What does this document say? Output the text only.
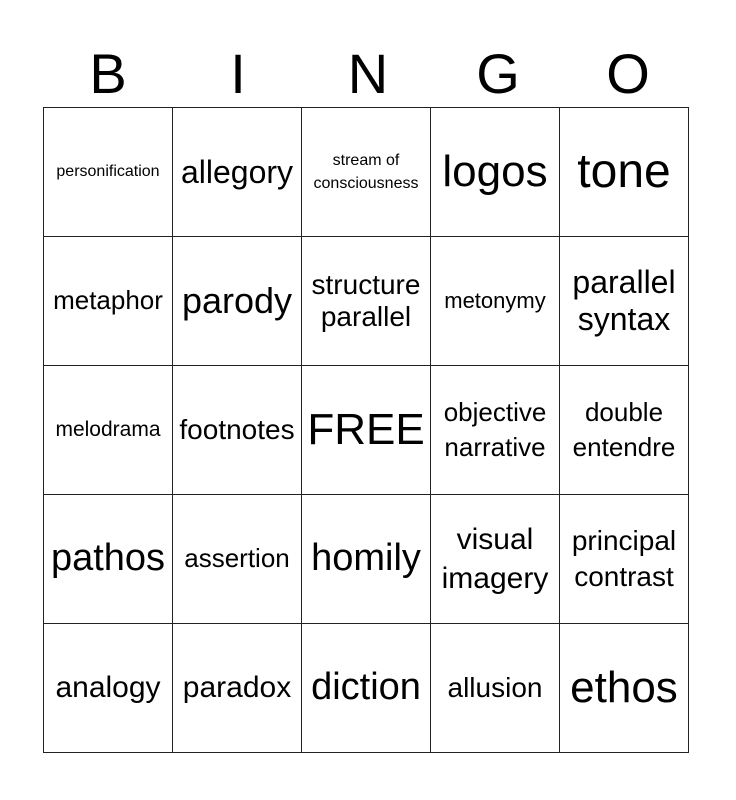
B	I	N	G	O
personification	allegory	stream of consciousness	logos	tone
metaphor	parody	structure parallel	metonymy	parallel syntax
melodrama	footnotes	FREE	objective narrative	double entendre
pathos	assertion	homily	visual imagery	principal contrast
analogy	paradox	diction	allusion	ethos
